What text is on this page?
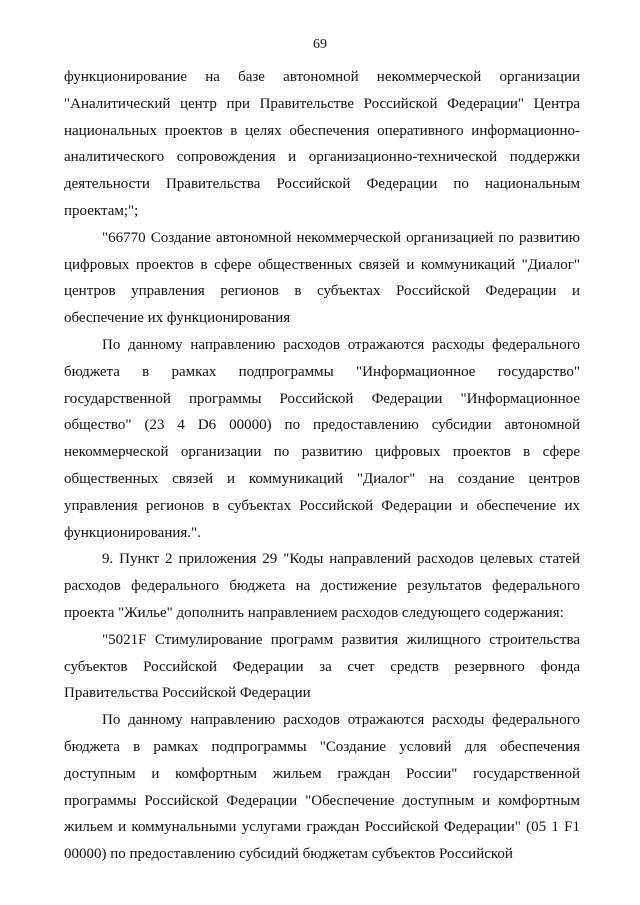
69

функционирование на базе автономной некоммерческой организации "Аналитический центр при Правительстве Российской Федерации" Центра национальных проектов в целях обеспечения оперативного информационно-аналитического сопровождения и организационно-технической поддержки деятельности Правительства Российской Федерации по национальным проектам;";

"66770 Создание автономной некоммерческой организацией по развитию цифровых проектов в сфере общественных связей и коммуникаций "Диалог" центров управления регионов в субъектах Российской Федерации и обеспечение их функционирования

По данному направлению расходов отражаются расходы федерального бюджета в рамках подпрограммы "Информационное государство" государственной программы Российской Федерации "Информационное общество" (23 4 D6 00000) по предоставлению субсидии автономной некоммерческой организации по развитию цифровых проектов в сфере общественных связей и коммуникаций "Диалог" на создание центров управления регионов в субъектах Российской Федерации и обеспечение их функционирования.".

9. Пункт 2 приложения 29 "Коды направлений расходов целевых статей расходов федерального бюджета на достижение результатов федерального проекта "Жилье" дополнить направлением расходов следующего содержания:

"5021F Стимулирование программ развития жилищного строительства субъектов Российской Федерации за счет средств резервного фонда Правительства Российской Федерации

По данному направлению расходов отражаются расходы федерального бюджета в рамках подпрограммы "Создание условий для обеспечения доступным и комфортным жильем граждан России" государственной программы Российской Федерации "Обеспечение доступным и комфортным жильем и коммунальными услугами граждан Российской Федерации" (05 1 F1 00000) по предоставлению субсидий бюджетам субъектов Российской
